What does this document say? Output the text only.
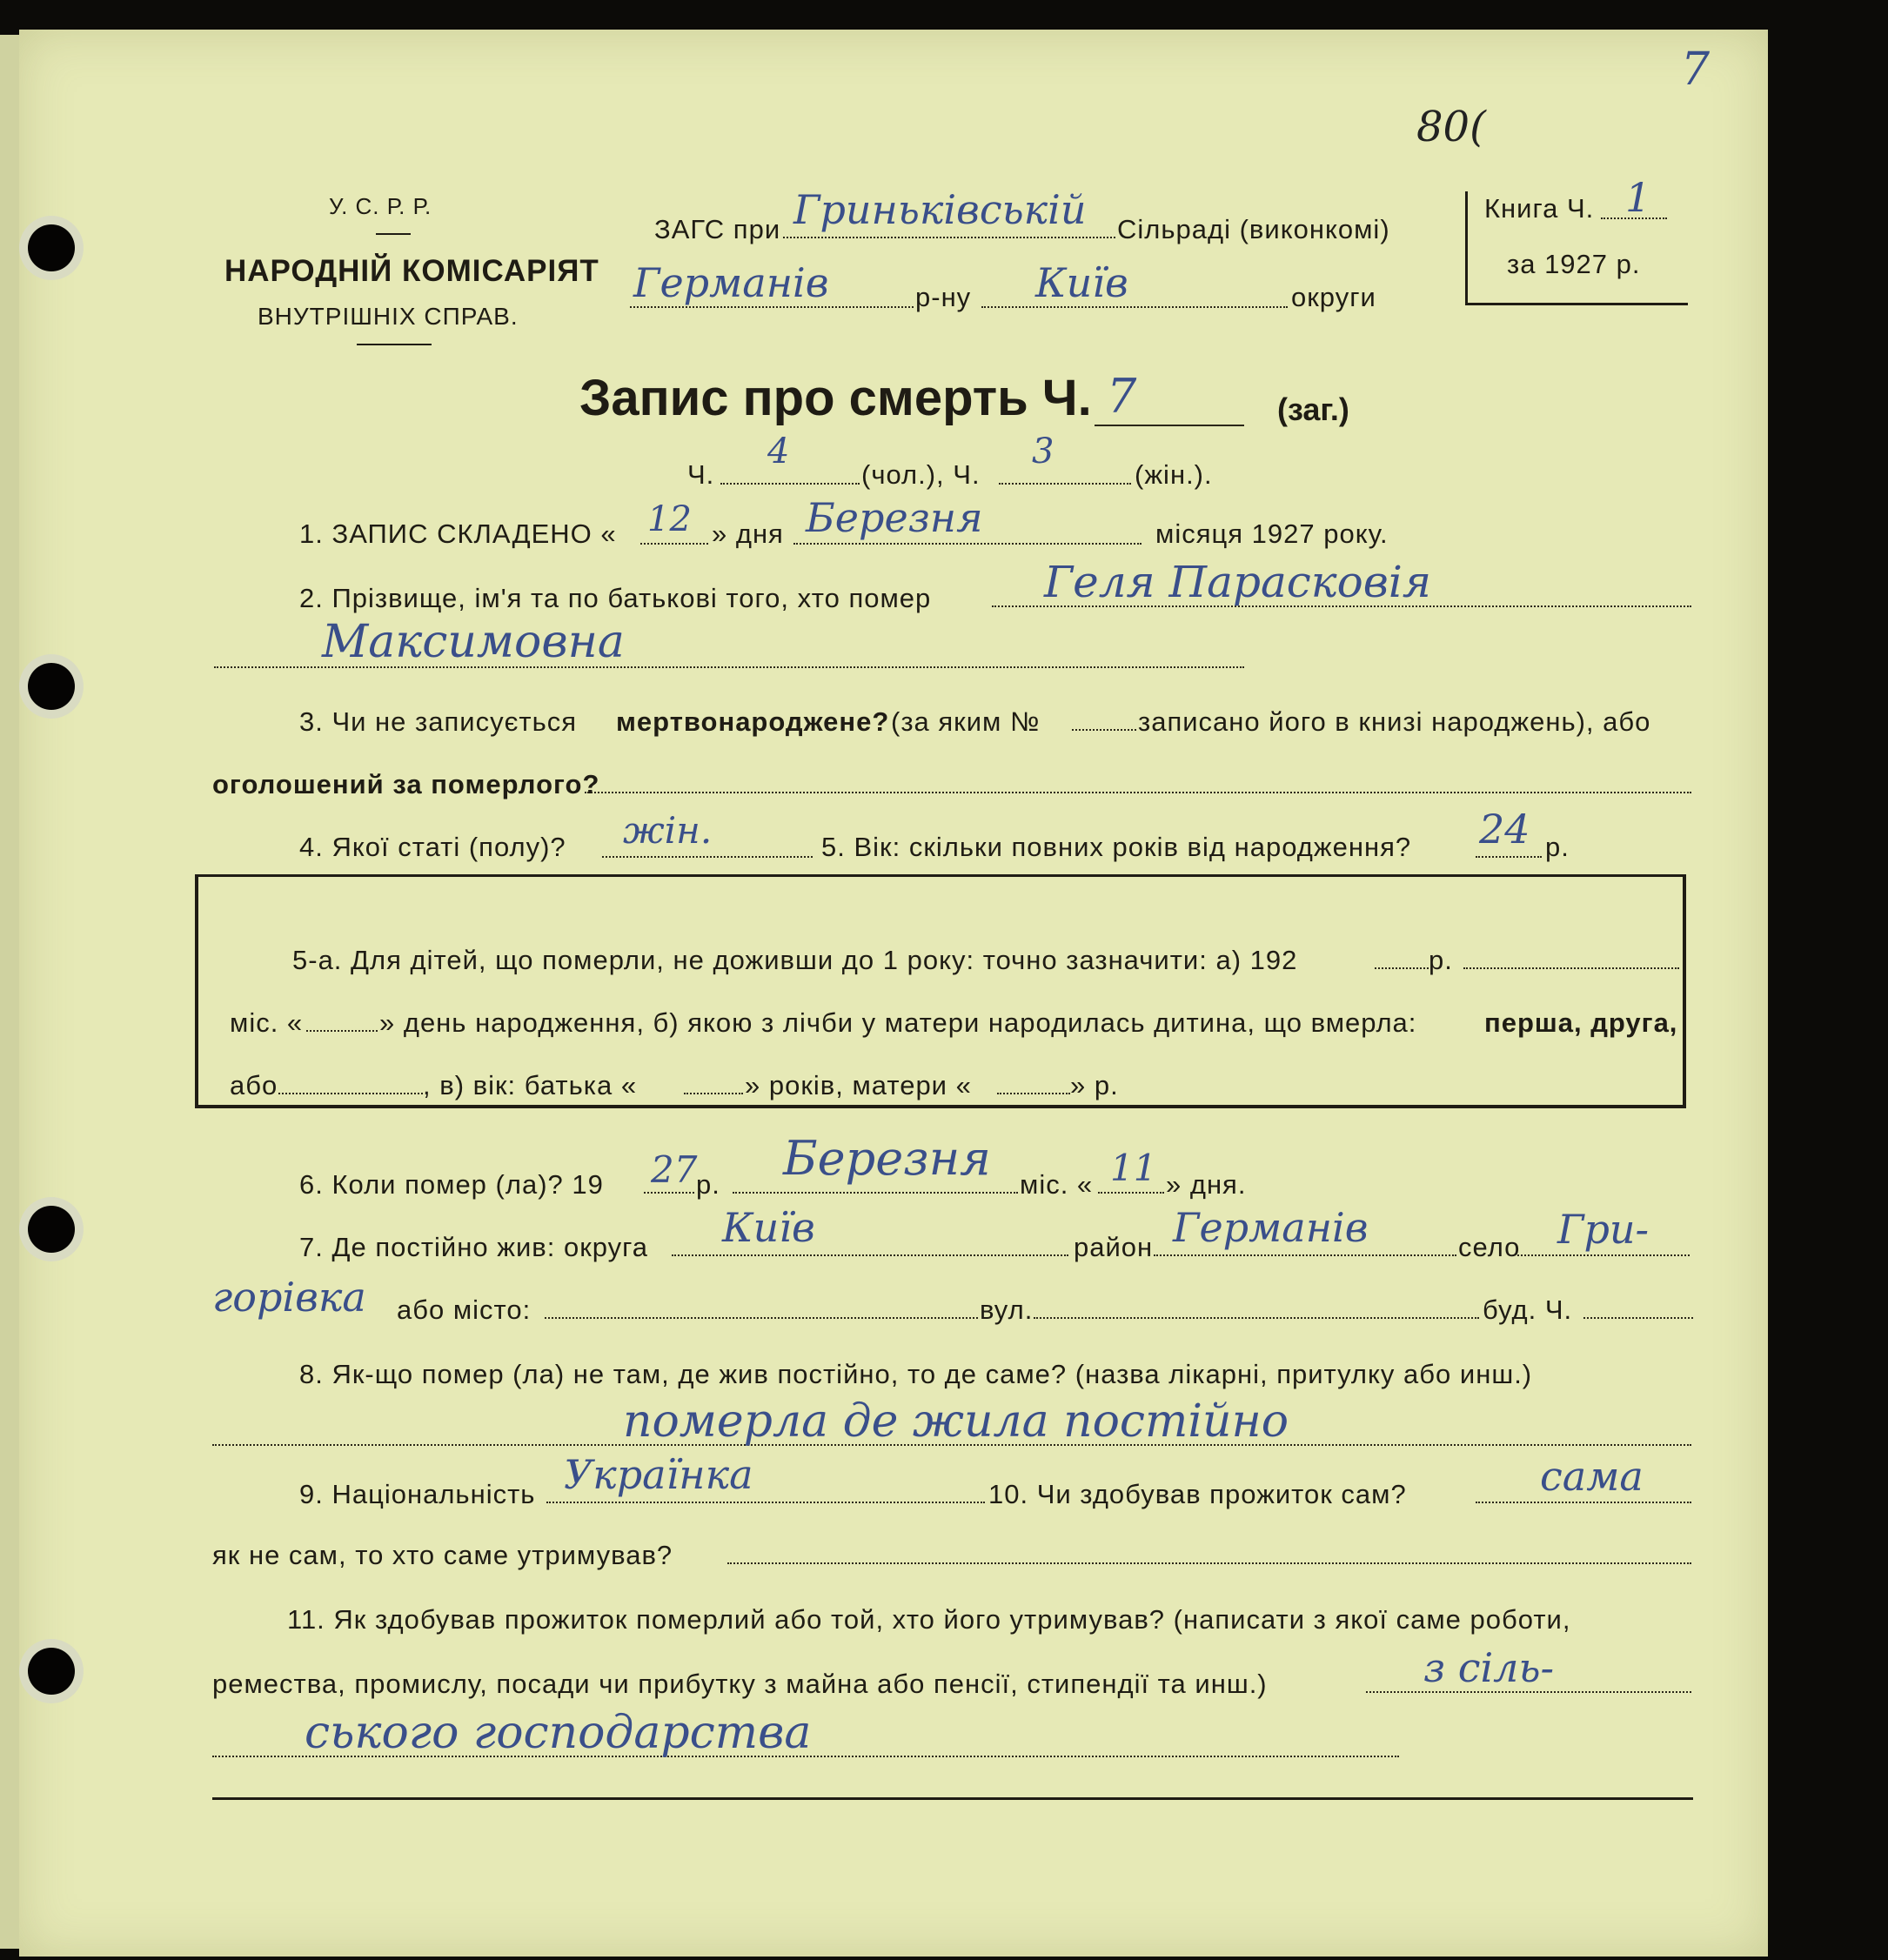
7
80(
У. С. Р. Р.
НАРОДНІЙ КОМІСАРІЯТ
ВНУТРІШНІХ СПРАВ.
ЗАГС при Гриньківській Сільраді (виконкомі)
Германів	р-ну Київ	округи
Книга Ч. 1
за 1927 р.
Запис про смерть Ч. 7	(заг.)
Ч.
4
(чол.), Ч.
3
(жін.).
1. ЗАПИС СКЛАДЕНО « 12 » дня Березня	місяця 1927 року.
2. Прізвище, ім'я та по батькові того, хто помер	Геля Парасковія
Максимовна
3. Чи не записується мертвонароджене? (за яким №	записано його в книзі народжень), або
оголошений за померлого?
4. Якої статі (полу)? жін.	5. Вік: скільки повних років від народження? 24 р.
5-а. Для дітей, що померли, не доживши до 1 року: точно зазначити: а) 192	р.
міс. «	» день народження, б) якою з лічби у матери народилась дитина, що вмерла:	перша, друга,
або	, в) вік: батька «	» років, матери «	» р.
6. Коли помер (ла)? 19 27
р. Березня міс. « 11 » дня.
7. Де постійно жив: округа Київ	район Германів	село Гри-
горівка або місто:	вул.	буд. Ч.
8. Як-що помер (ла) не там, де жив постійно, то де саме? (назва лікарні, притулку або инш.)
померла де жила постійно
9. Національність Українка	10. Чи здобував прожиток сам?	сама
як не сам, то хто саме утримував?
11. Як здобував прожиток померлий або той, хто його утримував? (написати з якої саме роботи,
ремества, промислу, посади чи прибутку з майна або пенсії, стипендії та инш.)	з сіль-
ського господарства
